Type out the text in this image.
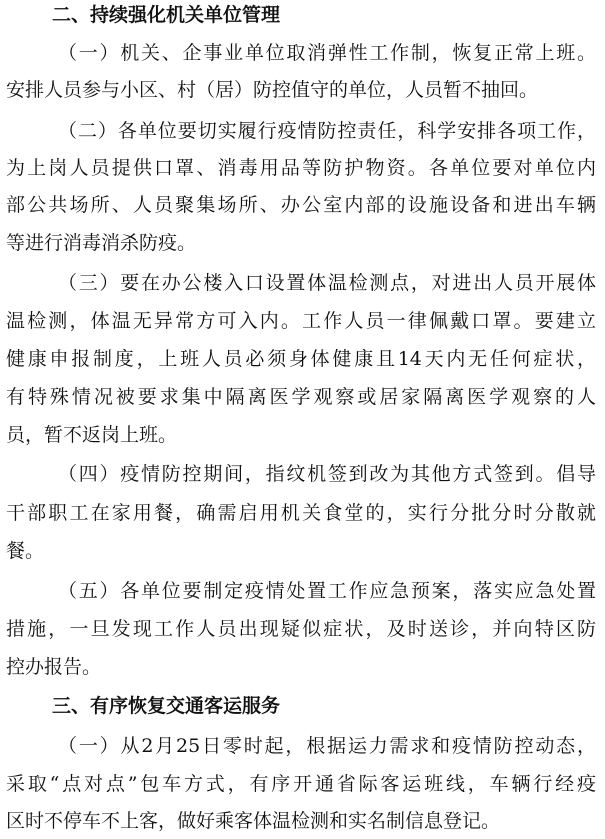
二、持续强化机关单位管理
（一）机关、企事业单位取消弹性工作制，恢复正常上班。
安排人员参与小区、村（居）防控值守的单位，人员暂不抽回。
（二）各单位要切实履行疫情防控责任，科学安排各项工作，
为上岗人员提供口罩、消毒用品等防护物资。各单位要对单位内
部公共场所、人员聚集场所、办公室内部的设施设备和进出车辆
等进行消毒消杀防疫。
（三）要在办公楼入口设置体温检测点，对进出人员开展体
温检测，体温无异常方可入内。工作人员一律佩戴口罩。要建立
健康申报制度，上班人员必须身体健康且14天内无任何症状，
有特殊情况被要求集中隔离医学观察或居家隔离医学观察的人
员，暂不返岗上班。
（四）疫情防控期间，指纹机签到改为其他方式签到。倡导
干部职工在家用餐，确需启用机关食堂的，实行分批分时分散就
餐。
（五）各单位要制定疫情处置工作应急预案，落实应急处置
措施，一旦发现工作人员出现疑似症状，及时送诊，并向特区防
控办报告。
三、有序恢复交通客运服务
（一）从2月25日零时起，根据运力需求和疫情防控动态，
采取“点对点”包车方式，有序开通省际客运班线，车辆行经疫
区时不停车不上客，做好乘客体温检测和实名制信息登记。
